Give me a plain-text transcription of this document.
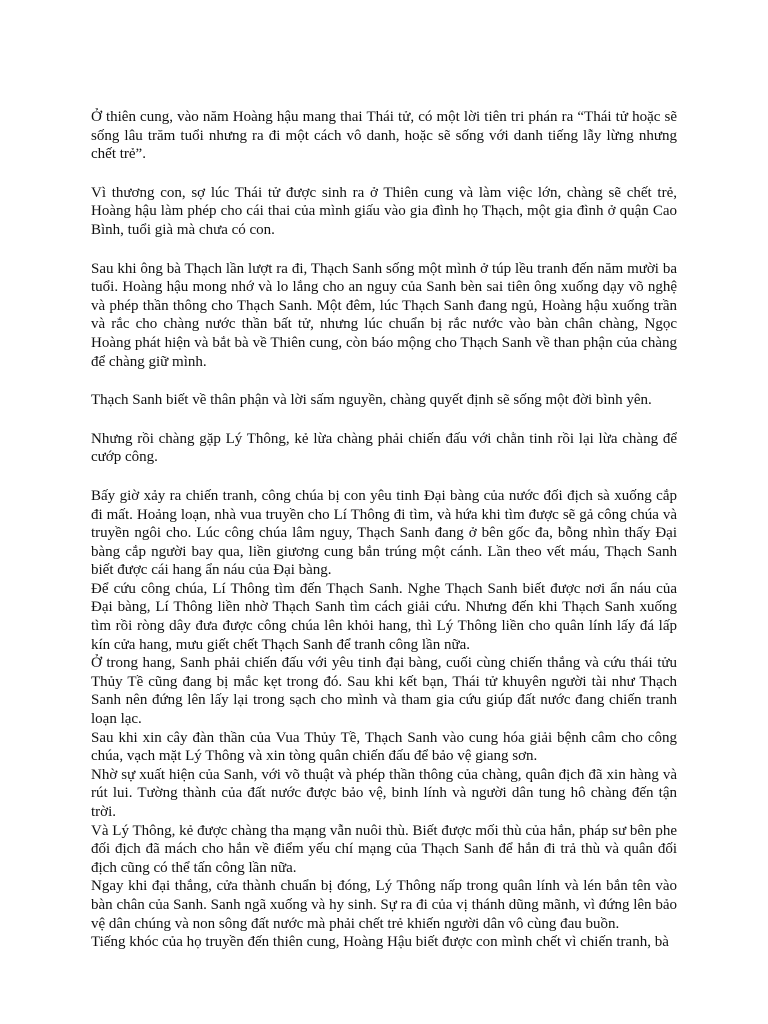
Ở thiên cung, vào năm Hoàng hậu mang thai Thái tử, có một lời tiên tri phán ra “Thái tử hoặc sẽ sống lâu trăm tuổi nhưng ra đi một cách vô danh, hoặc sẽ sống với danh tiếng lẫy lừng nhưng chết trẻ”.

Vì thương con, sợ lúc Thái tử được sinh ra ở Thiên cung và làm việc lớn, chàng sẽ chết trẻ, Hoàng hậu làm phép cho cái thai của mình giấu vào gia đình họ Thạch, một gia đình ở quận Cao Bình, tuổi già mà chưa có con.

Sau khi ông bà Thạch lần lượt ra đi, Thạch Sanh sống một mình ở túp lều tranh đến năm mười ba tuổi. Hoàng hậu mong nhớ và lo lắng cho an nguy của Sanh bèn sai tiên ông xuống dạy võ nghệ và phép thần thông cho Thạch Sanh. Một đêm, lúc Thạch Sanh đang ngủ, Hoàng hậu xuống trần và rắc cho chàng nước thần bất tử, nhưng lúc chuẩn bị rắc nước vào bàn chân chàng, Ngọc Hoàng phát hiện và bắt bà về Thiên cung, còn báo mộng cho Thạch Sanh về than phận của chàng để chàng giữ mình.

Thạch Sanh biết về thân phận và lời sấm nguyền, chàng quyết định sẽ sống một đời bình yên.

Nhưng rồi chàng gặp Lý Thông, kẻ lừa chàng phải chiến đấu với chằn tinh rồi lại lừa chàng để cướp công.

Bấy giờ xảy ra chiến tranh, công chúa bị con yêu tinh Đại bàng của nước đối địch sà xuống cắp đi mất. Hoảng loạn, nhà vua truyền cho Lí Thông đi tìm, và hứa khi tìm được sẽ gả công chúa và truyền ngôi cho. Lúc công chúa lâm nguy, Thạch Sanh đang ở bên gốc đa, bỗng nhìn thấy Đại bàng cắp người bay qua, liền giương cung bắn trúng một cánh. Lần theo vết máu, Thạch Sanh biết được cái hang ẩn náu của Đại bàng.

Để cứu công chúa, Lí Thông tìm đến Thạch Sanh. Nghe Thạch Sanh biết được nơi ẩn náu của Đại bàng, Lí Thông liền nhờ Thạch Sanh tìm cách giải cứu. Nhưng đến khi Thạch Sanh xuống tìm rồi ròng dây đưa được công chúa lên khỏi hang, thì Lý Thông liền cho quân lính lấy đá lấp kín cửa hang, mưu giết chết Thạch Sanh để tranh công lần nữa.

Ở trong hang, Sanh phải chiến đấu với yêu tinh đại bàng, cuối cùng chiến thắng và cứu thái tửu Thủy Tề cũng đang bị mắc kẹt trong đó. Sau khi kết bạn, Thái tử khuyên người tài như Thạch Sanh nên đứng lên lấy lại trong sạch cho mình và tham gia cứu giúp đất nước đang chiến tranh loạn lạc.

Sau khi xin cây đàn thần của Vua Thủy Tề, Thạch Sanh vào cung hóa giải bệnh câm cho công chúa, vạch mặt Lý Thông và xin tòng quân chiến đấu để bảo vệ giang sơn.

Nhờ sự xuất hiện của Sanh, với võ thuật và phép thần thông của chàng, quân địch đã xin hàng và rút lui. Tường thành của đất nước được bảo vệ, binh lính và người dân tung hô chàng đến tận trời.

Và Lý Thông, kẻ được chàng tha mạng vẫn nuôi thù. Biết được mối thù của hắn, pháp sư bên phe đối địch đã mách cho hắn về điểm yếu chí mạng của Thạch Sanh để hắn đi trả thù và quân đối địch cũng có thể tấn công lần nữa.

Ngay khi đại thắng, cửa thành chuẩn bị đóng, Lý Thông nấp trong quân lính và lén bắn tên vào bàn chân của Sanh. Sanh ngã xuống và hy sinh. Sự ra đi của vị thánh dũng mãnh, vì đứng lên bảo vệ dân chúng và non sông đất nước mà phải chết trẻ khiến người dân vô cùng đau buồn.

Tiếng khóc của họ truyền đến thiên cung, Hoàng Hậu biết được con mình chết vì chiến tranh, bà
